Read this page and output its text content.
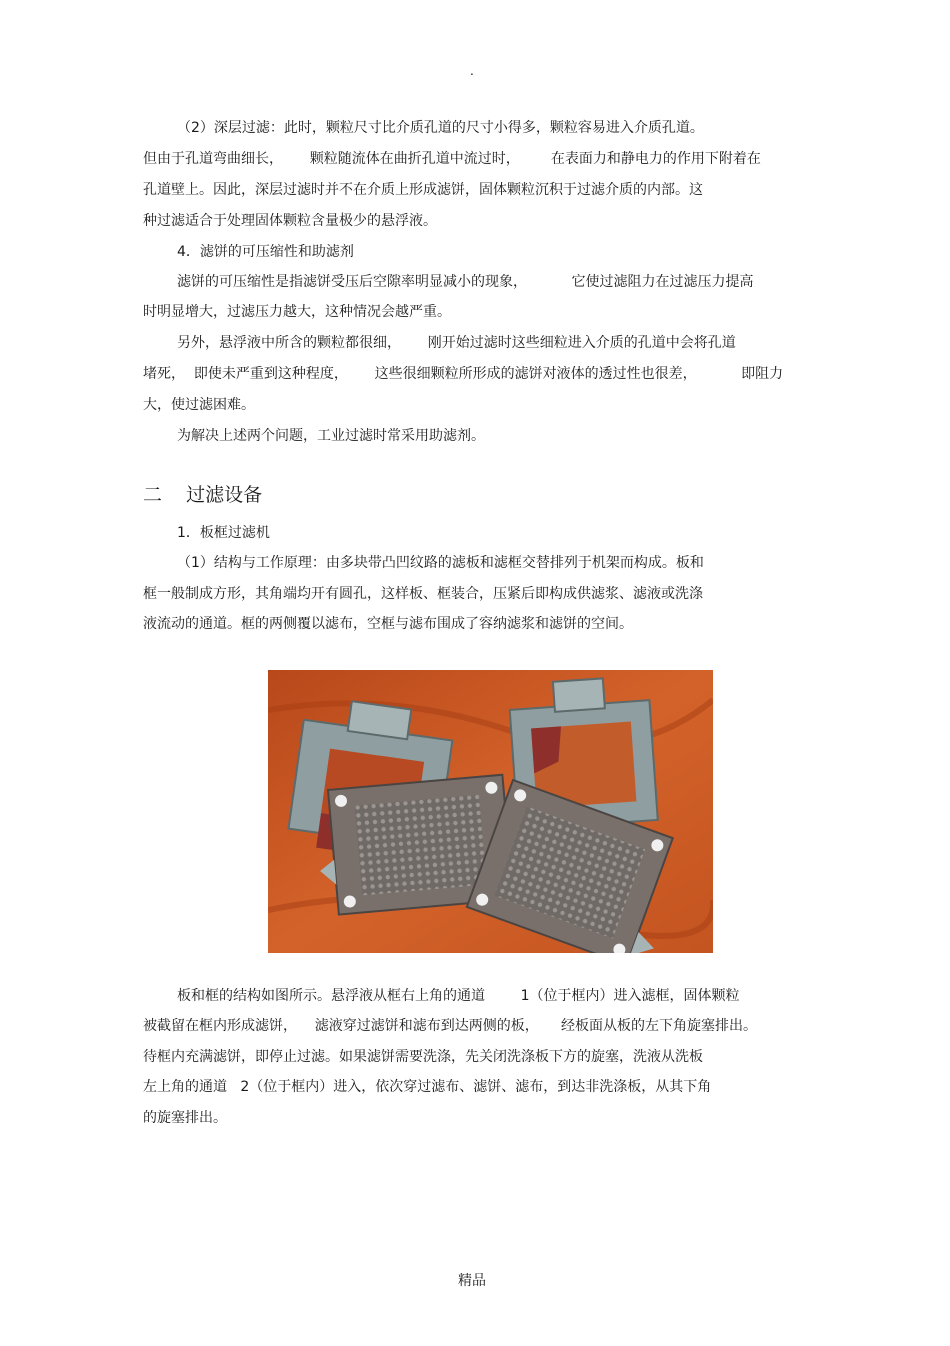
.
（2）深层过滤：此时，颗粒尺寸比介质孔道的尺寸小得多，颗粒容易进入介质孔道。
但由于孔道弯曲细长，      颗粒随流体在曲折孔道中流过时，       在表面力和静电力的作用下附着在
孔道壁上。因此，深层过滤时并不在介质上形成滤饼，固体颗粒沉积于过滤介质的内部。这
种过滤适合于处理固体颗粒含量极少的悬浮液。
4．滤饼的可压缩性和助滤剂
滤饼的可压缩性是指滤饼受压后空隙率明显减小的现象，          它使过滤阻力在过滤压力提高
时明显增大，过滤压力越大，这种情况会越严重。
另外，悬浮液中所含的颗粒都很细，      刚开始过滤时这些细粒进入介质的孔道中会将孔道
堵死，  即使未严重到这种程度，      这些很细颗粒所形成的滤饼对液体的透过性也很差，          即阻力
大，使过滤困难。
为解决上述两个问题，工业过滤时常采用助滤剂。
二    过滤设备
1．板框过滤机
（1）结构与工作原理：由多块带凸凹纹路的滤板和滤框交替排列于机架而构成。板和
框一般制成方形，其角端均开有圆孔，这样板、框装合，压紧后即构成供滤浆、滤液或洗涤
液流动的通道。框的两侧覆以滤布，空框与滤布围成了容纳滤浆和滤饼的空间。
板和框的结构如图所示。悬浮液从框右上角的通道        1（位于框内）进入滤框，固体颗粒
被截留在框内形成滤饼，    滤液穿过滤饼和滤布到达两侧的板，     经板面从板的左下角旋塞排出。
待框内充满滤饼，即停止过滤。如果滤饼需要洗涤，先关闭洗涤板下方的旋塞，洗液从洗板
左上角的通道   2（位于框内）进入，依次穿过滤布、滤饼、滤布，到达非洗涤板，从其下角
的旋塞排出。
精品
